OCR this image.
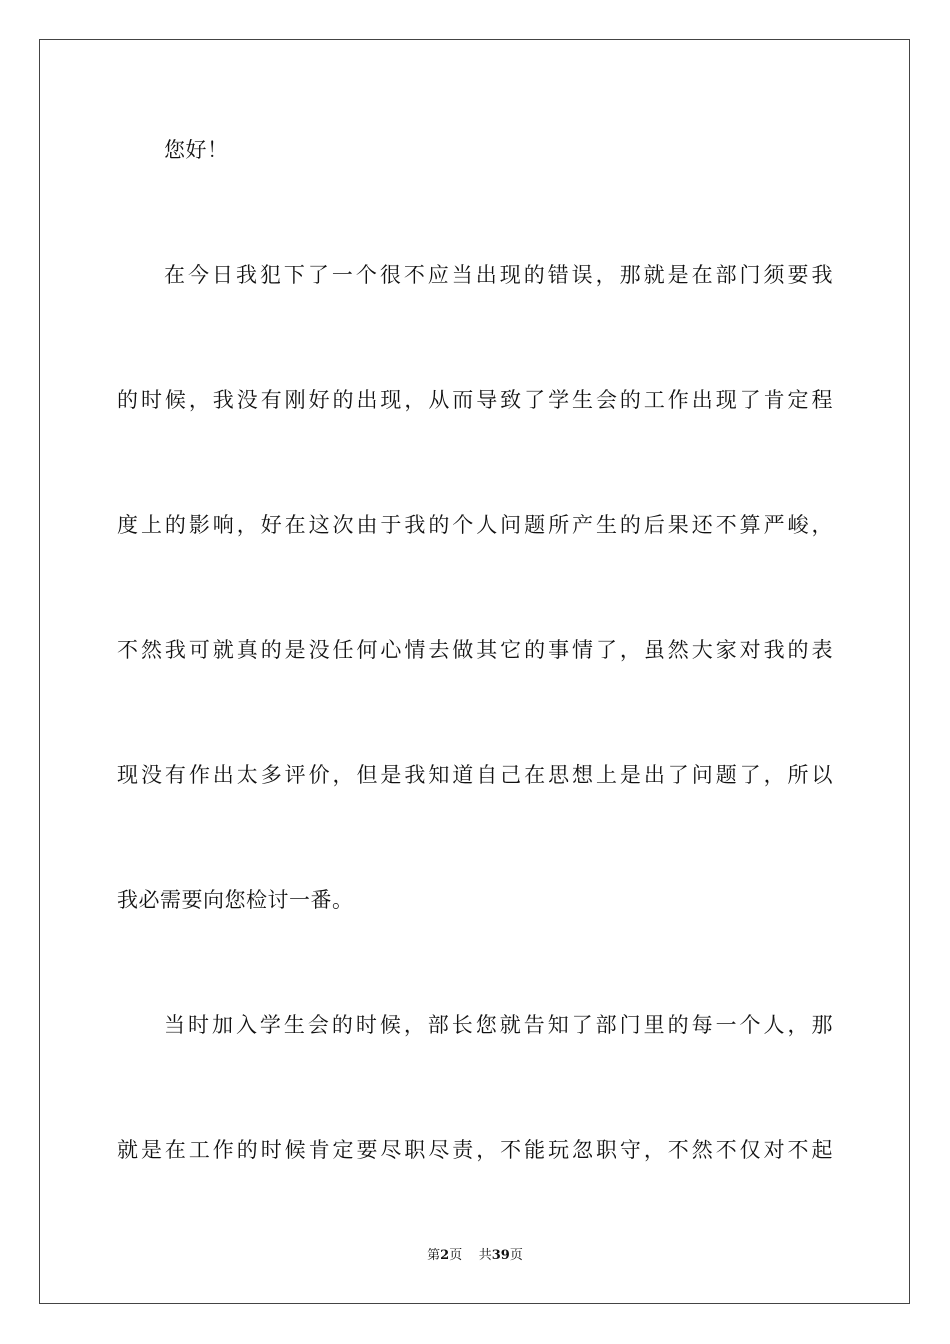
您好！

在今日我犯下了一个很不应当出现的错误，那就是在部门须要我

的时候，我没有刚好的出现，从而导致了学生会的工作出现了肯定程

度上的影响，好在这次由于我的个人问题所产生的后果还不算严峻，

不然我可就真的是没任何心情去做其它的事情了，虽然大家对我的表

现没有作出太多评价，但是我知道自己在思想上是出了问题了，所以

我必需要向您检讨一番。

当时加入学生会的时候，部长您就告知了部门里的每一个人，那

就是在工作的时候肯定要尽职尽责，不能玩忽职守，不然不仅对不起

第2页 共39页
